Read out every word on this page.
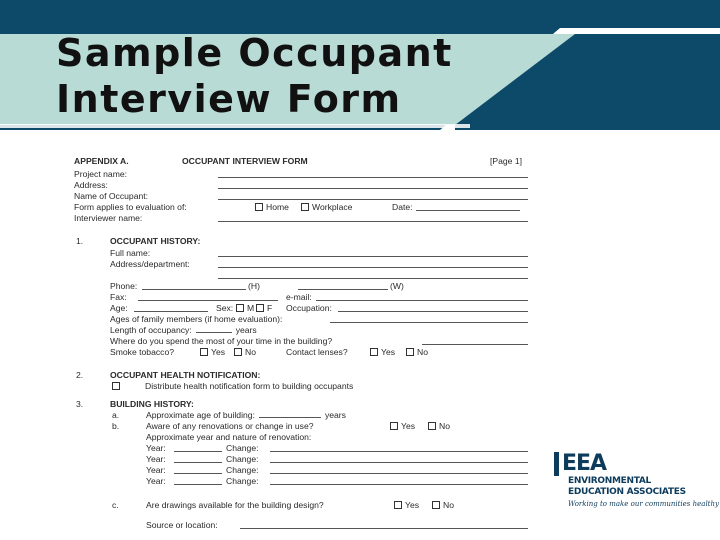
Sample Occupant
Interview Form
APPENDIX A.	OCCUPANT INTERVIEW FORM	[Page 1]
Project name:
Address:
Name of Occupant:
Form applies to evaluation of:	Home	Workplace	Date:
Interviewer name:
1.	OCCUPANT HISTORY:
Full name:
Address/department:
Phone:	(H)	(W)
Fax:	e-mail:
Age:	Sex:	M	F Occupation:
Ages of family members (if home evaluation):
Length of occupancy:	years
Where do you spend the most of your time in the building?
Smoke tobacco?	Yes	No	Contact lenses?	Yes	No
2.	OCCUPANT HEALTH NOTIFICATION:
Distribute health notification form to building occupants
3.	BUILDING HISTORY:
a.	Approximate age of building:	years
b.	Aware of any renovations or change in use?	Yes	No
Approximate year and nature of renovation:
Year:	Change:
Year:	Change:
Year:	Change:
Year:	Change:
c.	Are drawings available for the building design?	Yes	No
Source or location:
EEA
ENVIRONMENTAL
EDUCATION ASSOCIATES
Working to make our communities healthy
